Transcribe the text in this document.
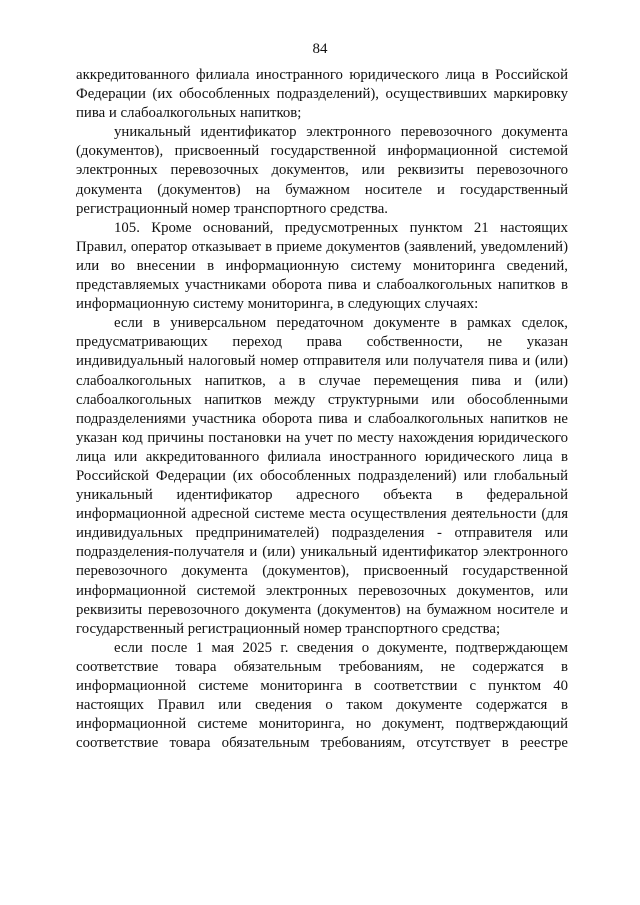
84

аккредитованного филиала иностранного юридического лица в Российской Федерации (их обособленных подразделений), осуществивших маркировку пива и слабоалкогольных напитков;

уникальный идентификатор электронного перевозочного документа (документов), присвоенный государственной информационной системой электронных перевозочных документов, или реквизиты перевозочного документа (документов) на бумажном носителе и государственный регистрационный номер транспортного средства.

105. Кроме оснований, предусмотренных пунктом 21 настоящих Правил, оператор отказывает в приеме документов (заявлений, уведомлений) или во внесении в информационную систему мониторинга сведений, представляемых участниками оборота пива и слабоалкогольных напитков в информационную систему мониторинга, в следующих случаях:

если в универсальном передаточном документе в рамках сделок, предусматривающих переход права собственности, не указан индивидуальный налоговый номер отправителя или получателя пива и (или) слабоалкогольных напитков, а в случае перемещения пива и (или) слабоалкогольных напитков между структурными или обособленными подразделениями участника оборота пива и слабоалкогольных напитков не указан код причины постановки на учет по месту нахождения юридического лица или аккредитованного филиала иностранного юридического лица в Российской Федерации (их обособленных подразделений) или глобальный уникальный идентификатор адресного объекта в федеральной информационной адресной системе места осуществления деятельности (для индивидуальных предпринимателей) подразделения - отправителя или подразделения-получателя и (или) уникальный идентификатор электронного перевозочного документа (документов), присвоенный государственной информационной системой электронных перевозочных документов, или реквизиты перевозочного документа (документов) на бумажном носителе и государственный регистрационный номер транспортного средства;

если после 1 мая 2025 г. сведения о документе, подтверждающем соответствие товара обязательным требованиям, не содержатся в информационной системе мониторинга в соответствии с пунктом 40 настоящих Правил или сведения о таком документе содержатся в информационной системе мониторинга, но документ, подтверждающий соответствие товара обязательным требованиям, отсутствует в реестре
